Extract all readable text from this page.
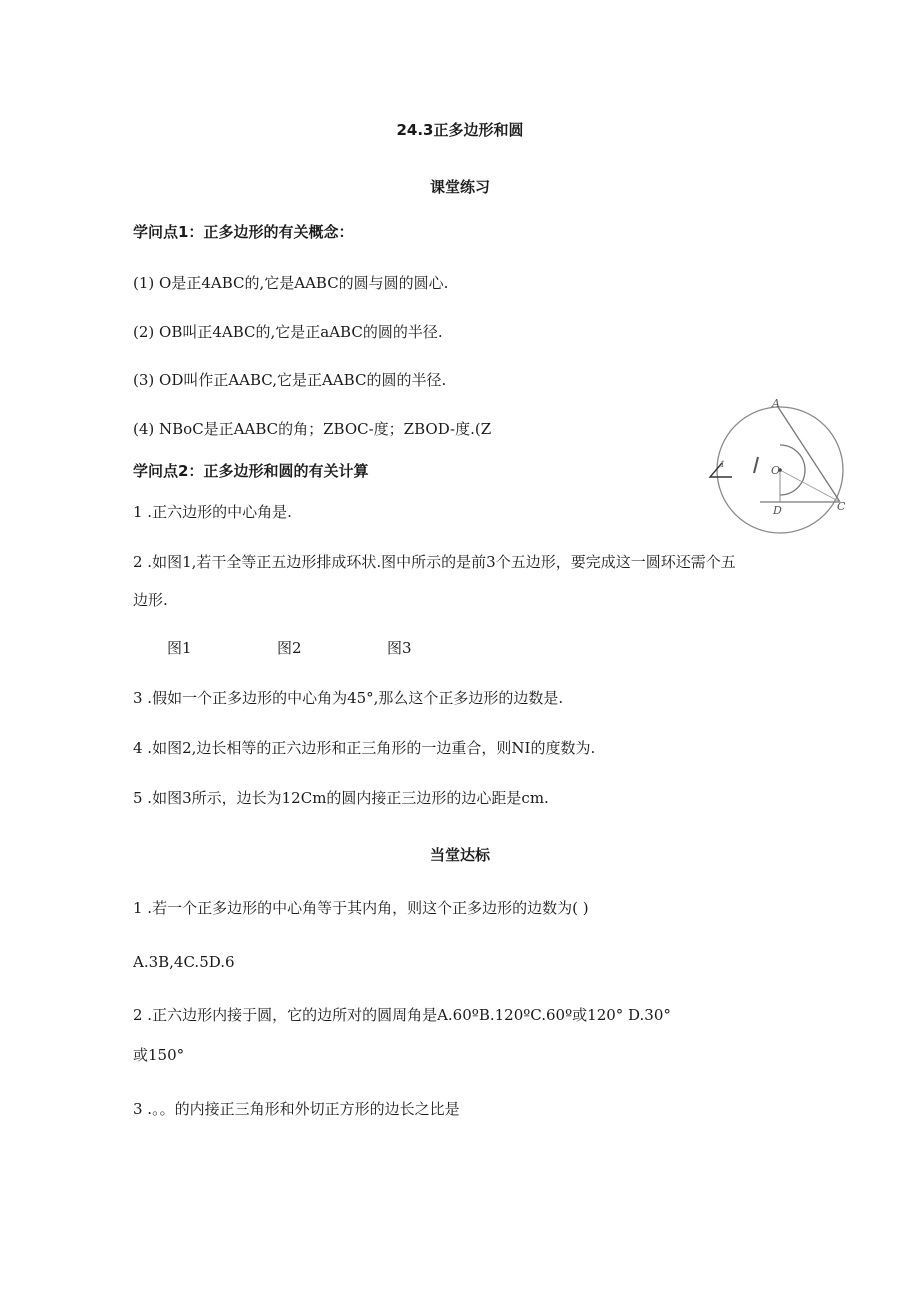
24.3正多边形和圆
课堂练习
学问点1：正多边形的有关概念：
(1) O是正4ABC的,它是AABC的圆与圆的圆心.
(2) OB叫正4ABC的,它是正aABC的圆的半径.
(3) OD叫作正AABC,它是正AABC的圆的半径.
(4) NBoC是正AABC的角；ZBOC-度；ZBOD-度.(Z
学问点2：正多边形和圆的有关计算
1 .正六边形的中心角是.
2 .如图1,若干全等正五边形排成环状.图中所示的是前3个五边形，要完成这一圆环还需个五
边形.
图1	图2	图3
3 .假如一个正多边形的中心角为45°,那么这个正多边形的边数是.
4 .如图2,边长相等的正六边形和正三角形的一边重合，则NI的度数为.
5 .如图3所示，边长为12Cm的圆内接正三边形的边心距是cm.
当堂达标
1 .若一个正多边形的中心角等于其内角，则这个正多边形的边数为( )
A.3B,4C.5D.6
2 .正六边形内接于圆，它的边所对的圆周角是A.60ºB.120ºC.60º或120° D.30°
或150°
3 .。。的内接正三角形和外切正方形的边长之比是
A
O
D	C
1
